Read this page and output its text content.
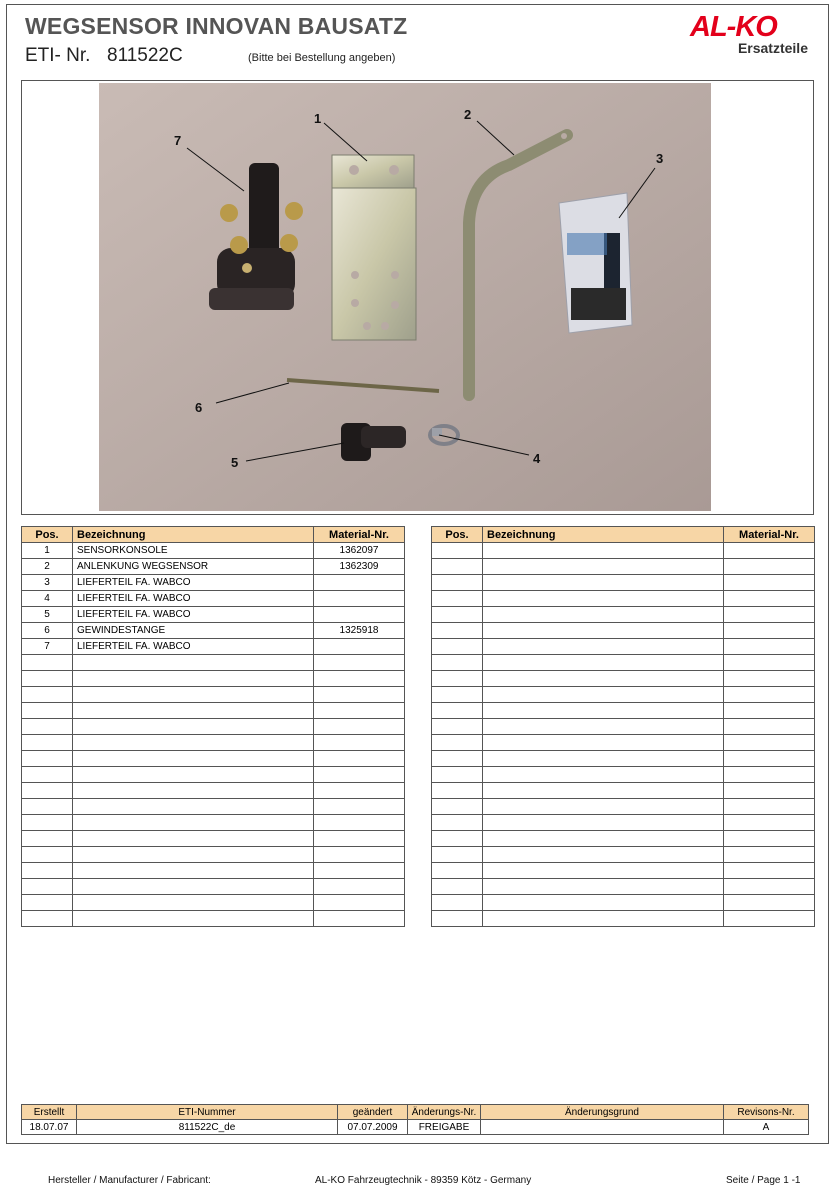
WEGSENSOR INNOVAN BAUSATZ
ETI- Nr. 811522C	(Bitte bei Bestellung angeben)
AL-KO
Ersatzteile
1	2
3
4
5
6
7
Pos.	Bezeichnung	Material-Nr.
1	SENSORKONSOLE	1362097
2	ANLENKUNG WEGSENSOR	1362309
3	LIEFERTEIL FA. WABCO	
4	LIEFERTEIL FA. WABCO	
5	LIEFERTEIL FA. WABCO	
6	GEWINDESTANGE	1325918
7	LIEFERTEIL FA. WABCO	

Pos.	Bezeichnung	Material-Nr.

Erstellt	ETI-Nummer	geändert	Änderungs-Nr.	Änderungsgrund	Revisons-Nr.
18.07.07	811522C_de	07.07.2009	FREIGABE		A
Hersteller / Manufacturer / Fabricant:	AL-KO Fahrzeugtechnik - 89359 Kötz - Germany	Seite / Page 1 -1
